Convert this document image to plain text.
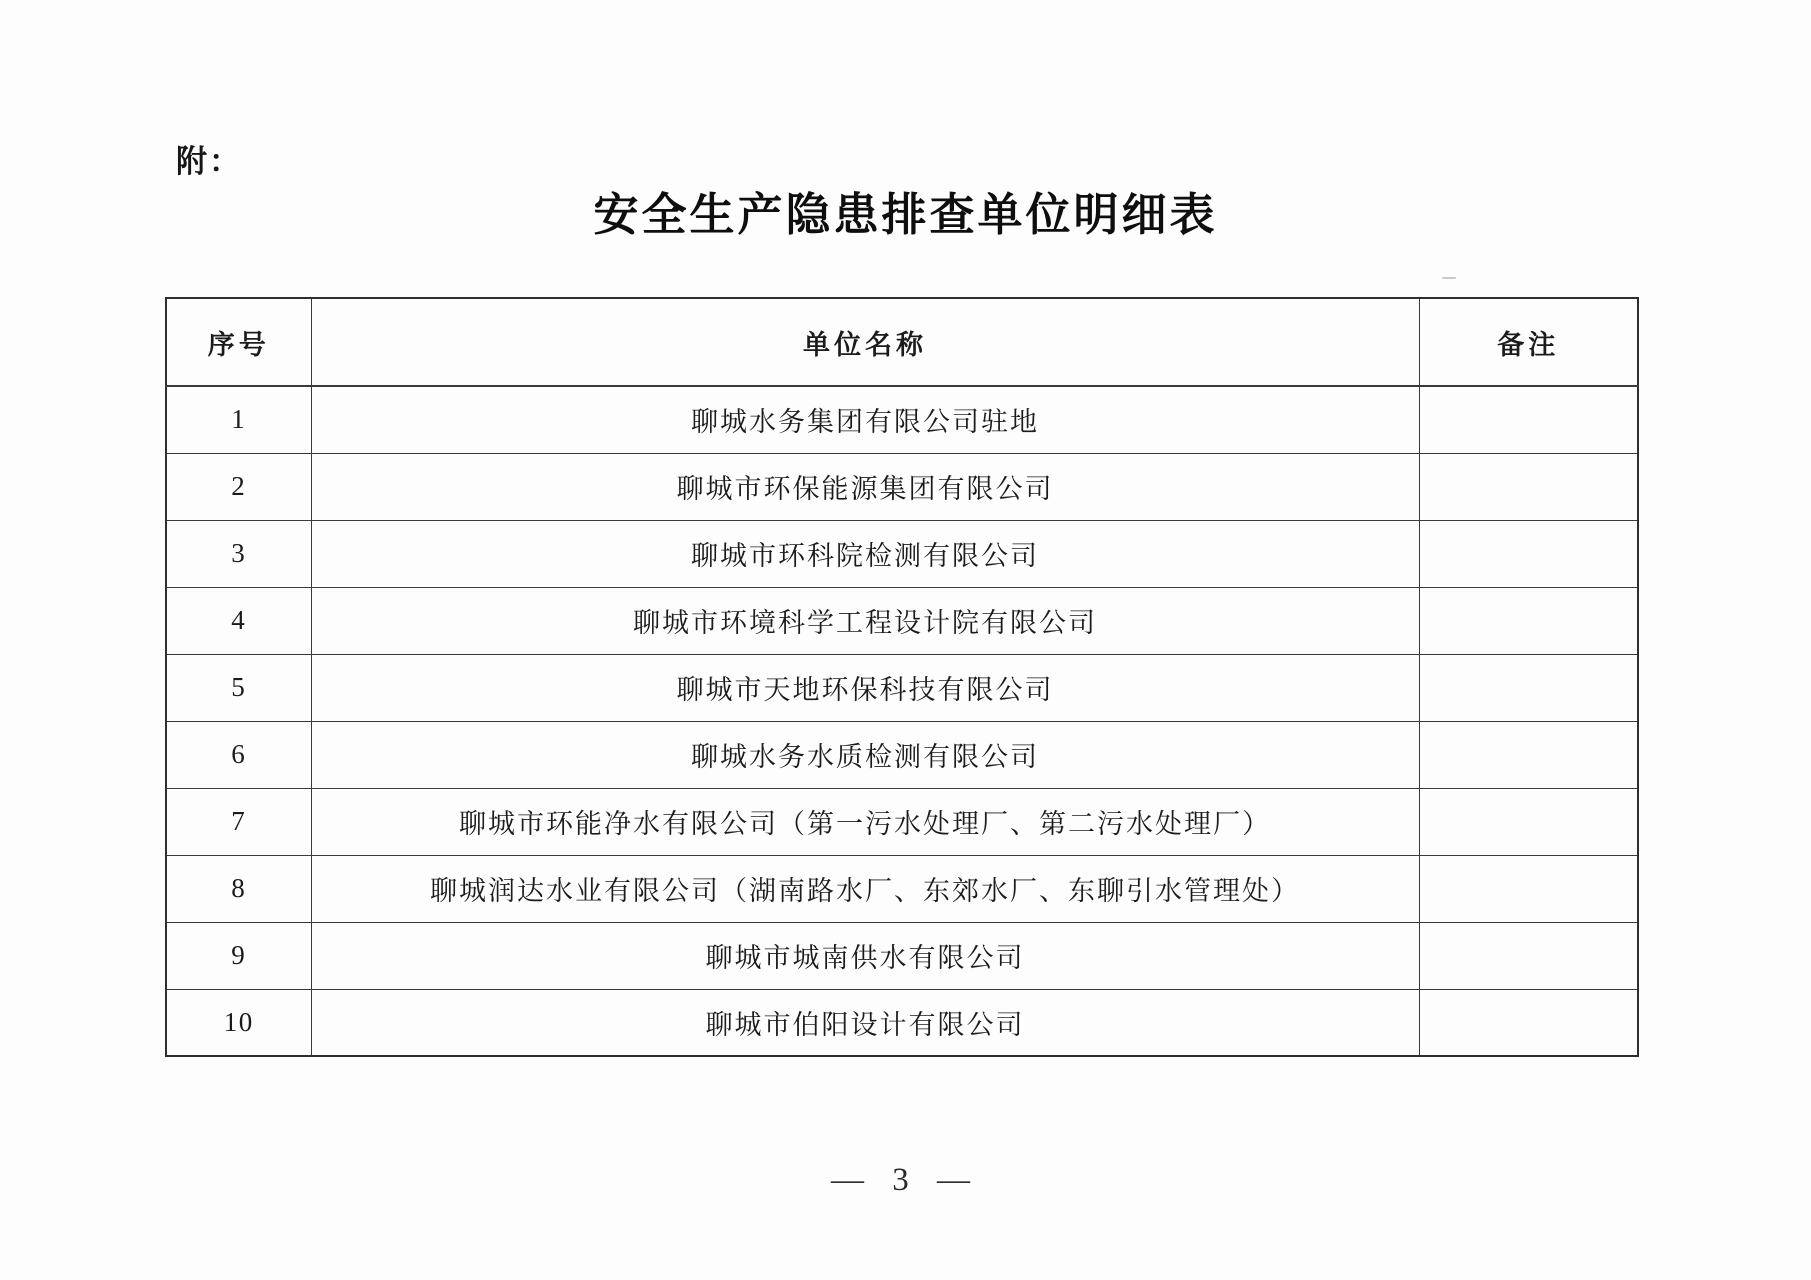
附：
安全生产隐患排查单位明细表
序号	单位名称	备注
1	聊城水务集团有限公司驻地	
2	聊城市环保能源集团有限公司	
3	聊城市环科院检测有限公司	
4	聊城市环境科学工程设计院有限公司	
5	聊城市天地环保科技有限公司	
6	聊城水务水质检测有限公司	
7	聊城市环能净水有限公司（第一污水处理厂、第二污水处理厂）	
8	聊城润达水业有限公司（湖南路水厂、东郊水厂、东聊引水管理处）	
9	聊城市城南供水有限公司	
10	聊城市伯阳设计有限公司	
— 3 —
